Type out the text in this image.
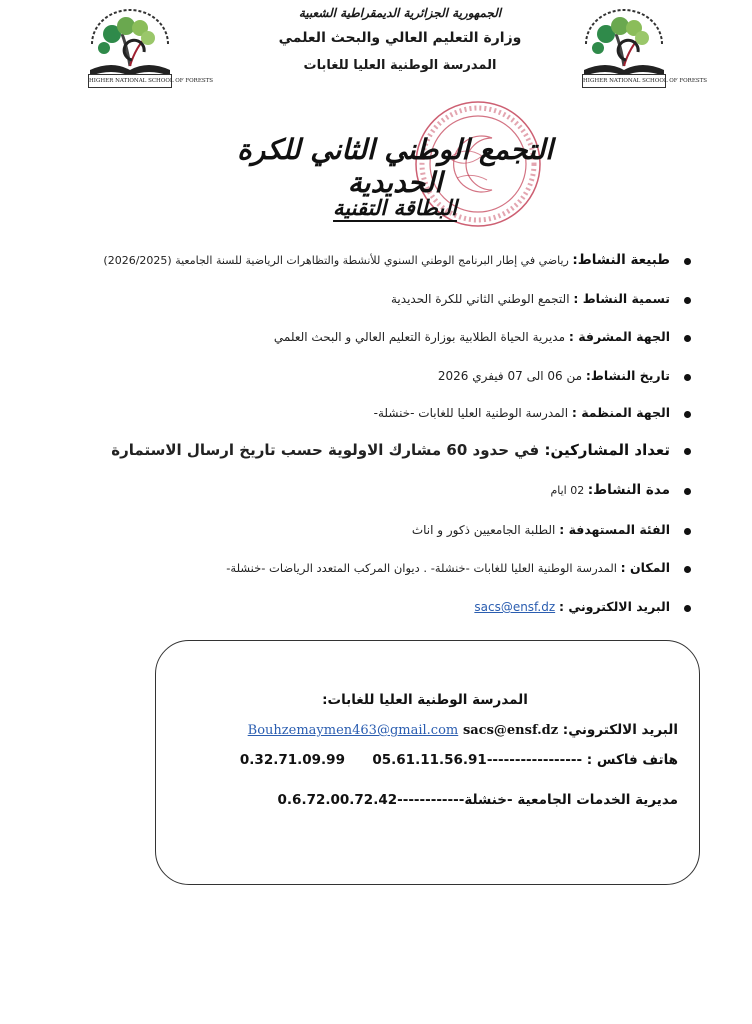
HIGHER NATIONAL SCHOOL OF FORESTS	HIGHER NATIONAL SCHOOL OF FORESTS
الجمهورية الجزائرية الديمقراطية الشعبية
وزارة التعليم العالي والبحث العلمي
المدرسة الوطنية العليا للغابات
التجمع الوطني الثاني للكرة الحديدية
البطاقة التقنية
طبيعة النشاط: رياضي في إطار البرنامج الوطني السنوي للأنشطة والتظاهرات الرياضية للسنة الجامعية (2026/2025)
تسمية النشاط : التجمع الوطني الثاني للكرة الحديدية
الجهة المشرفة : مديرية الحياة الطلابية بوزارة التعليم العالي و البحث العلمي
تاريخ النشاط: من 06 الى 07 فيفري 2026
الجهة المنظمة : المدرسة الوطنية العليا للغابات -خنشلة-
تعداد المشاركين: في حدود 60 مشارك الاولوية حسب تاريخ ارسال الاستمارة
مدة النشاط: 02 ايام
الفئة المستهدفة : الطلبة الجامعيين ذكور و اناث
المكان : المدرسة الوطنية العليا للغابات -خنشلة- . ديوان المركب المتعدد الرياضات -خنشلة-
البريد الالكتروني : sacs@ensf.dz
المدرسة الوطنية العليا للغابات:
البريد الالكتروني: Bouhzemaymen463@gmail.com sacs@ensf.dz
هاتف فاكس : 0.32.71.09.99 05.61.11.56.91-----------------
مديرية الخدمات الجامعية -خنشلة------------0.6.72.00.72.42
